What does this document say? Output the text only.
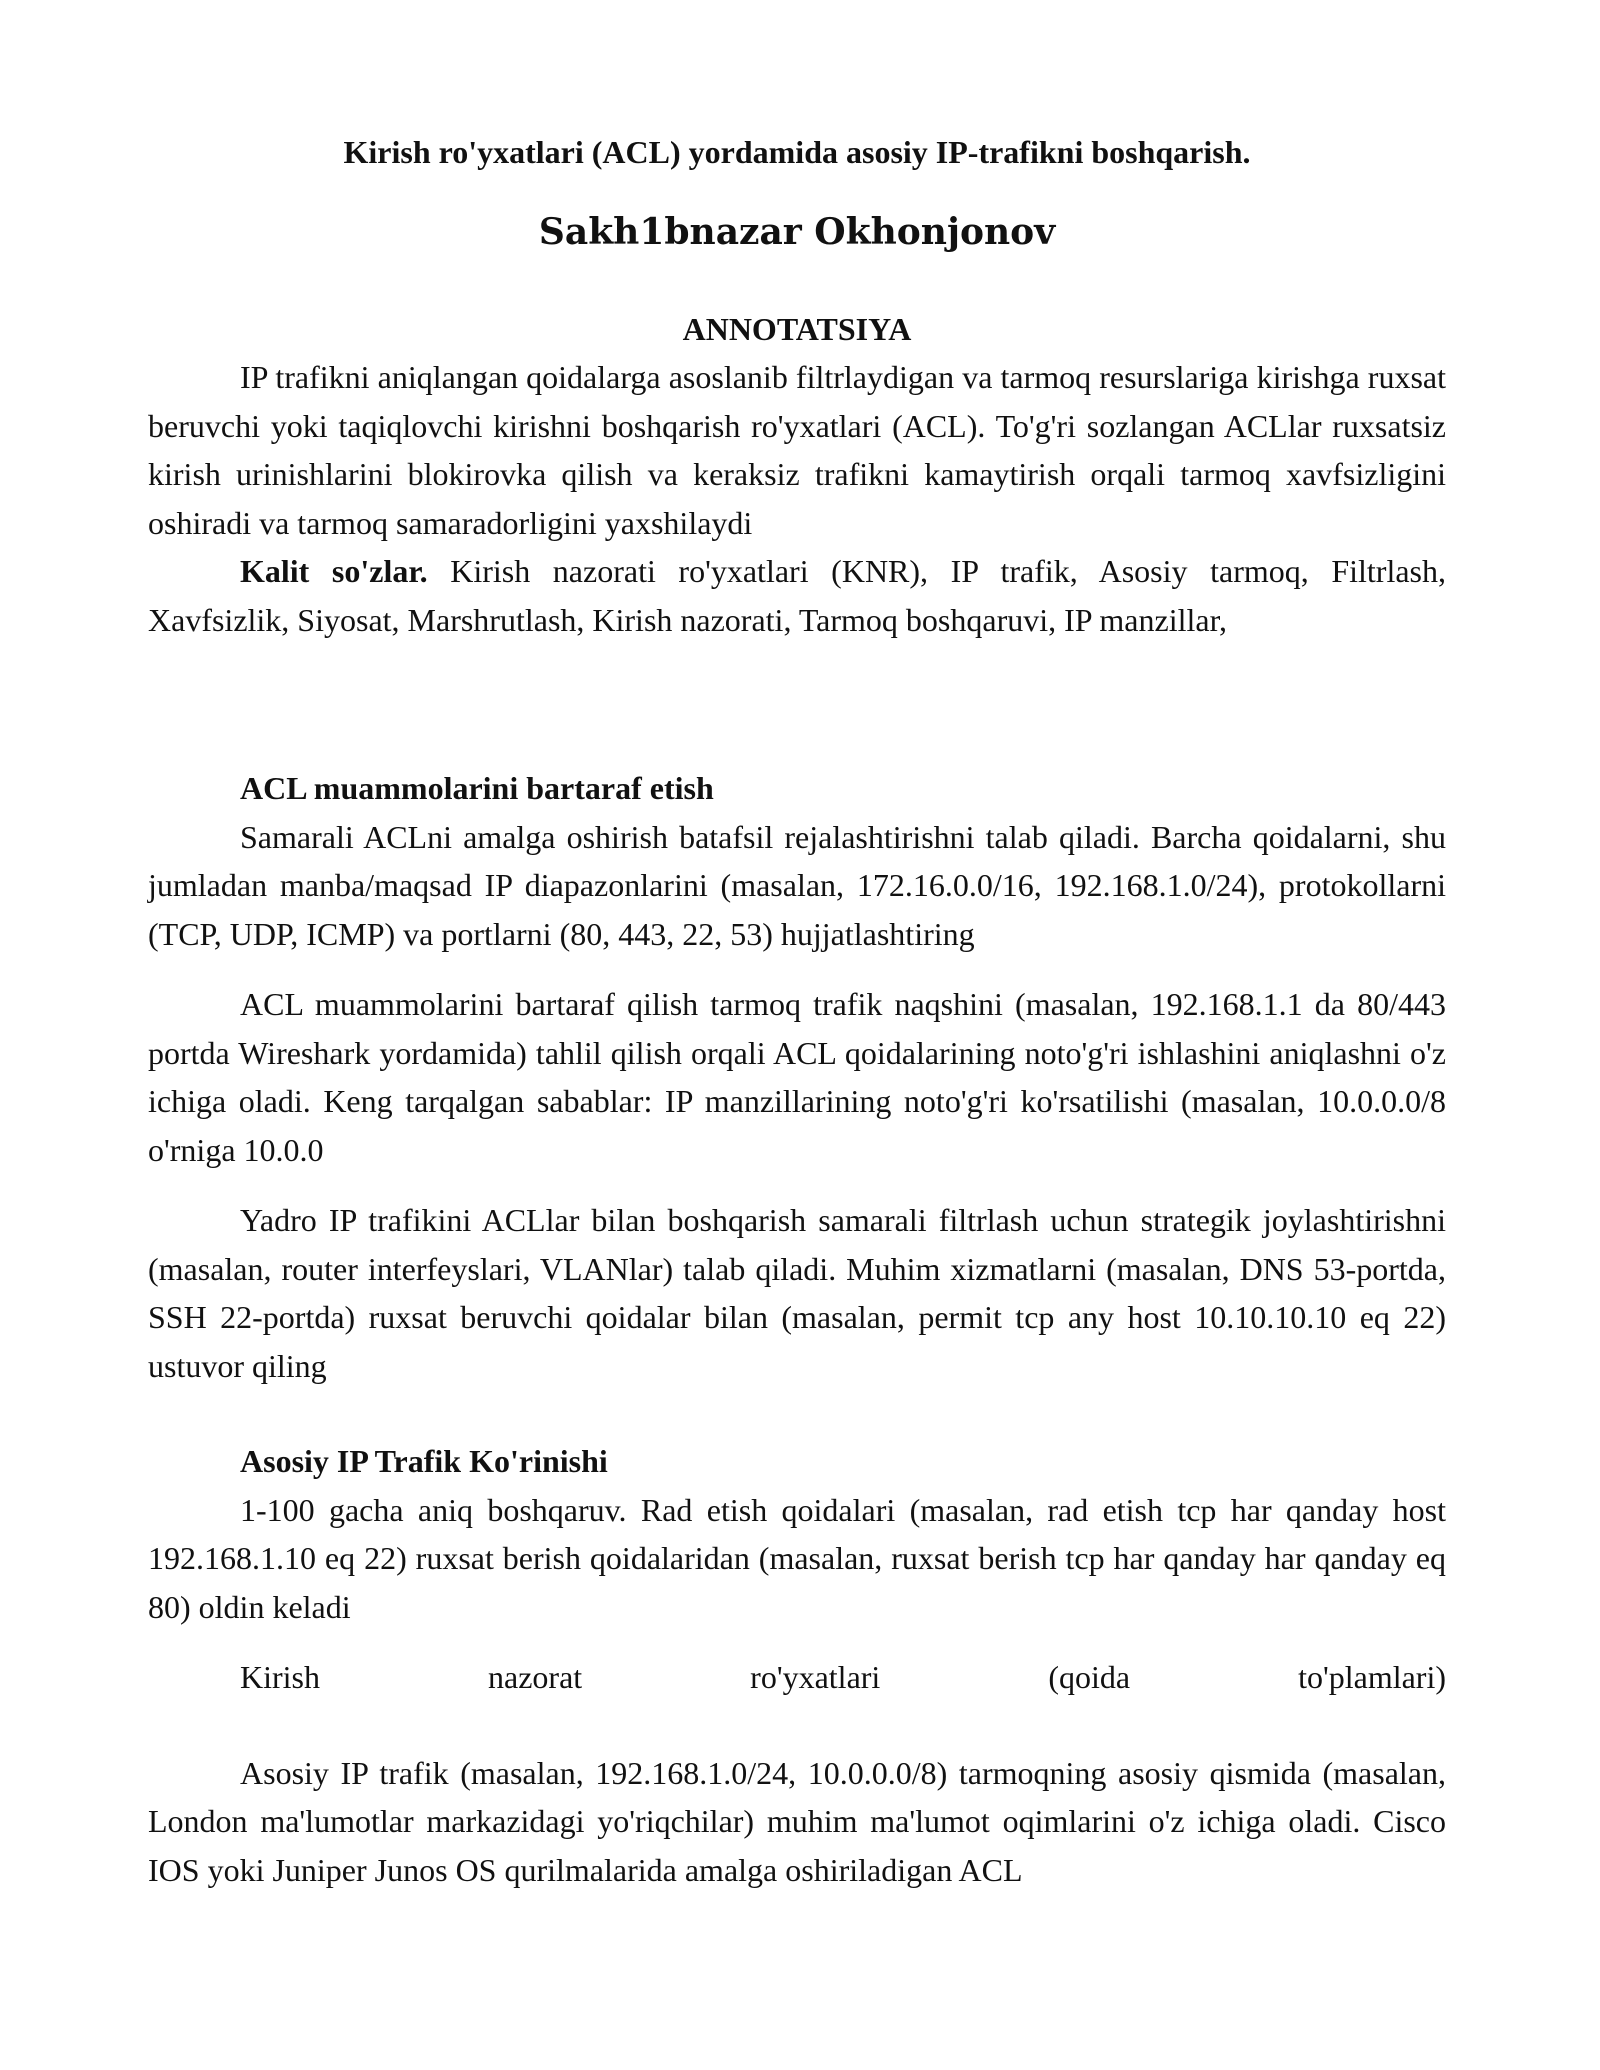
Kirish ro'yxatlari (ACL) yordamida asosiy IP-trafikni boshqarish.

Sakh1bnazar Okhonjonov

ANNOTATSIYA

IP trafikni aniqlangan qoidalarga asoslanib filtrlaydigan va tarmoq resurslariga kirishga ruxsat beruvchi yoki taqiqlovchi kirishni boshqarish ro'yxatlari (ACL). To'g'ri sozlangan ACLlar ruxsatsiz kirish urinishlarini blokirovka qilish va keraksiz trafikni kamaytirish orqali tarmoq xavfsizligini oshiradi va tarmoq samaradorligini yaxshilaydi

Kalit so'zlar. Kirish nazorati ro'yxatlari (KNR), IP trafik, Asosiy tarmoq, Filtrlash, Xavfsizlik, Siyosat, Marshrutlash, Kirish nazorati, Tarmoq boshqaruvi, IP manzillar,

ACL muammolarini bartaraf etish

Samarali ACLni amalga oshirish batafsil rejalashtirishni talab qiladi. Barcha qoidalarni, shu jumladan manba/maqsad IP diapazonlarini (masalan, 172.16.0.0/16, 192.168.1.0/24), protokollarni (TCP, UDP, ICMP) va portlarni (80, 443, 22, 53) hujjatlashtiring

ACL muammolarini bartaraf qilish tarmoq trafik naqshini (masalan, 192.168.1.1 da 80/443 portda Wireshark yordamida) tahlil qilish orqali ACL qoidalarining noto'g'ri ishlashini aniqlashni o'z ichiga oladi. Keng tarqalgan sabablar: IP manzillarining noto'g'ri ko'rsatilishi (masalan, 10.0.0.0/8 o'rniga 10.0.0

Yadro IP trafikini ACLlar bilan boshqarish samarali filtrlash uchun strategik joylashtirishni (masalan, router interfeyslari, VLANlar) talab qiladi. Muhim xizmatlarni (masalan, DNS 53-portda, SSH 22-portda) ruxsat beruvchi qoidalar bilan (masalan, permit tcp any host 10.10.10.10 eq 22) ustuvor qiling

Asosiy IP Trafik Ko'rinishi

1-100 gacha aniq boshqaruv. Rad etish qoidalari (masalan, rad etish tcp har qanday host 192.168.1.10 eq 22) ruxsat berish qoidalaridan (masalan, ruxsat berish tcp har qanday har qanday eq 80) oldin keladi

Kirish	nazorat	ro'yxatlari	(qoida	to'plamlari)

Asosiy IP trafik (masalan, 192.168.1.0/24, 10.0.0.0/8) tarmoqning asosiy qismida (masalan, London ma'lumotlar markazidagi yo'riqchilar) muhim ma'lumot oqimlarini o'z ichiga oladi. Cisco IOS yoki Juniper Junos OS qurilmalarida amalga oshiriladigan ACL
